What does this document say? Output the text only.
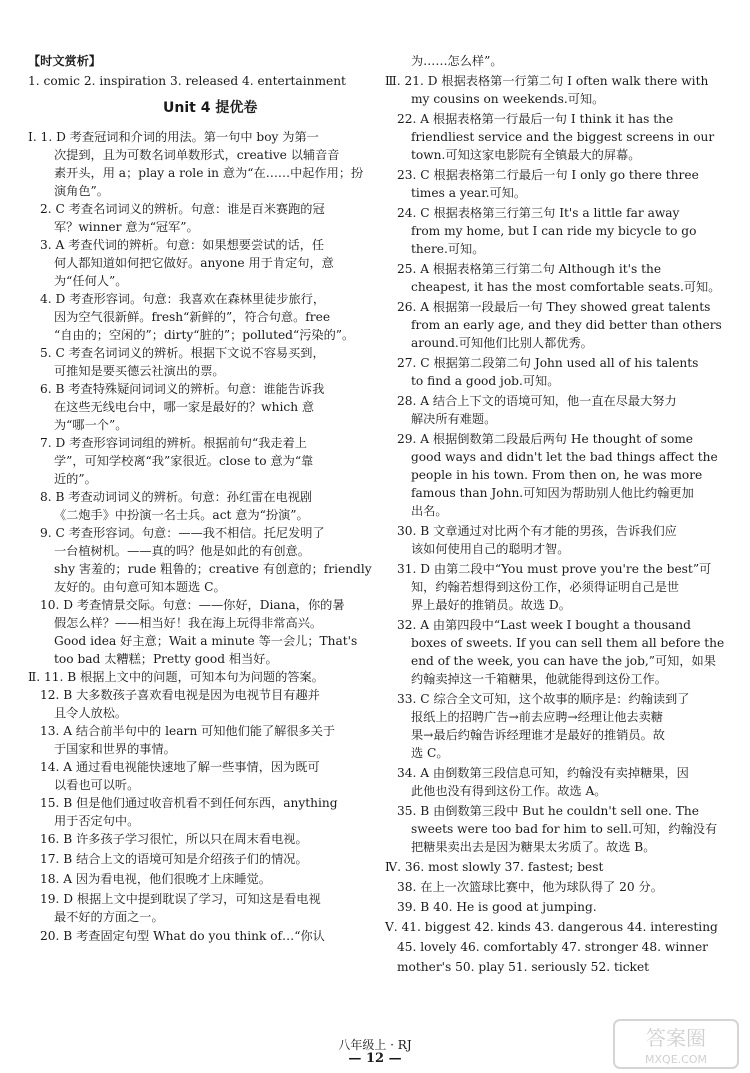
【时文赏析】
1. comic 2. inspiration 3. released 4. entertainment
Unit 4 提优卷
Ⅰ. 1. D 考查冠词和介词的用法。第一句中 boy 为第一
次提到，且为可数名词单数形式，creative 以辅音音
素开头，用 a；play a role in 意为“在……中起作用；扮
演角色”。
2. C 考查名词词义的辨析。句意：谁是百米赛跑的冠
军？winner 意为“冠军”。
3. A 考查代词的辨析。句意：如果想要尝试的话，任
何人都知道如何把它做好。anyone 用于肯定句，意
为“任何人”。
4. D 考查形容词。句意：我喜欢在森林里徒步旅行，
因为空气很新鲜。fresh“新鲜的”，符合句意。free
“自由的；空闲的”；dirty“脏的”；polluted“污染的”。
5. C 考查名词词义的辨析。根据下文说不容易买到，
可推知是要买德云社演出的票。
6. B 考查特殊疑问词词义的辨析。句意：谁能告诉我
在这些无线电台中，哪一家是最好的？which 意
为“哪一个”。
7. D 考查形容词词组的辨析。根据前句“我走着上
学”，可知学校离“我”家很近。close to 意为“靠
近的”。
8. B 考查动词词义的辨析。句意：孙红雷在电视剧
《二炮手》中扮演一名士兵。act 意为“扮演”。
9. C 考查形容词。句意：——我不相信。托尼发明了
一台植树机。——真的吗？他是如此的有创意。
shy 害羞的；rude 粗鲁的；creative 有创意的；friendly
友好的。由句意可知本题选 C。
10. D 考查情景交际。句意：——你好，Diana，你的暑
假怎么样？——相当好！我在海上玩得非常高兴。
Good idea 好主意；Wait a minute 等一会儿；That's
too bad 太糟糕；Pretty good 相当好。
Ⅱ. 11. B 根据上文中的问题，可知本句为问题的答案。
12. B 大多数孩子喜欢看电视是因为电视节目有趣并
且令人放松。
13. A 结合前半句中的 learn 可知他们能了解很多关于
于国家和世界的事情。
14. A 通过看电视能快速地了解一些事情，因为既可
以看也可以听。
15. B 但是他们通过收音机看不到任何东西，anything
用于否定句中。
16. B 许多孩子学习很忙，所以只在周末看电视。
17. B 结合上文的语境可知是介绍孩子们的情况。
18. A 因为看电视，他们很晚才上床睡觉。
19. D 根据上文中提到耽误了学习，可知这是看电视
最不好的方面之一。
20. B 考查固定句型 What do you think of…“你认
为……怎么样”。
Ⅲ. 21. D 根据表格第一行第二句 I often walk there with
my cousins on weekends.可知。
22. A 根据表格第一行最后一句 I think it has the
friendliest service and the biggest screens in our
town.可知这家电影院有全镇最大的屏幕。
23. C 根据表格第二行最后一句 I only go there three
times a year.可知。
24. C 根据表格第三行第三句 It's a little far away
from my home, but I can ride my bicycle to go
there.可知。
25. A 根据表格第三行第二句 Although it's the
cheapest, it has the most comfortable seats.可知。
26. A 根据第一段最后一句 They showed great talents
from an early age, and they did better than others
around.可知他们比别人都优秀。
27. C 根据第二段第二句 John used all of his talents
to find a good job.可知。
28. A 结合上下文的语境可知，他一直在尽最大努力
解决所有难题。
29. A 根据倒数第二段最后两句 He thought of some
good ways and didn't let the bad things affect the
people in his town. From then on, he was more
famous than John.可知因为帮助别人他比约翰更加
出名。
30. B 文章通过对比两个有才能的男孩，告诉我们应
该如何使用自己的聪明才智。
31. D 由第二段中“You must prove you're the best”可
知，约翰若想得到这份工作，必须得证明自己是世
界上最好的推销员。故选 D。
32. A 由第四段中“Last week I bought a thousand
boxes of sweets. If you can sell them all before the
end of the week, you can have the job,”可知，如果
约翰卖掉这一千箱糖果，他就能得到这份工作。
33. C 综合全文可知，这个故事的顺序是：约翰读到了
报纸上的招聘广告→前去应聘→经理让他去卖糖
果→最后约翰告诉经理谁才是最好的推销员。故
选 C。
34. A 由倒数第三段信息可知，约翰没有卖掉糖果，因
此他也没有得到这份工作。故选 A。
35. B 由倒数第三段中 But he couldn't sell one. The
sweets were too bad for him to sell.可知，约翰没有
把糖果卖出去是因为糖果太劣质了。故选 B。
Ⅳ. 36. most slowly 37. fastest; best
38. 在上一次篮球比赛中，他为球队得了 20 分。
39. B 40. He is good at jumping.
Ⅴ. 41. biggest 42. kinds 43. dangerous 44. interesting
45. lovely 46. comfortably 47. stronger 48. winner
mother's 50. play 51. seriously 52. ticket
八年级上 · RJ
— 12 —
答案圈
MXQE.COM
